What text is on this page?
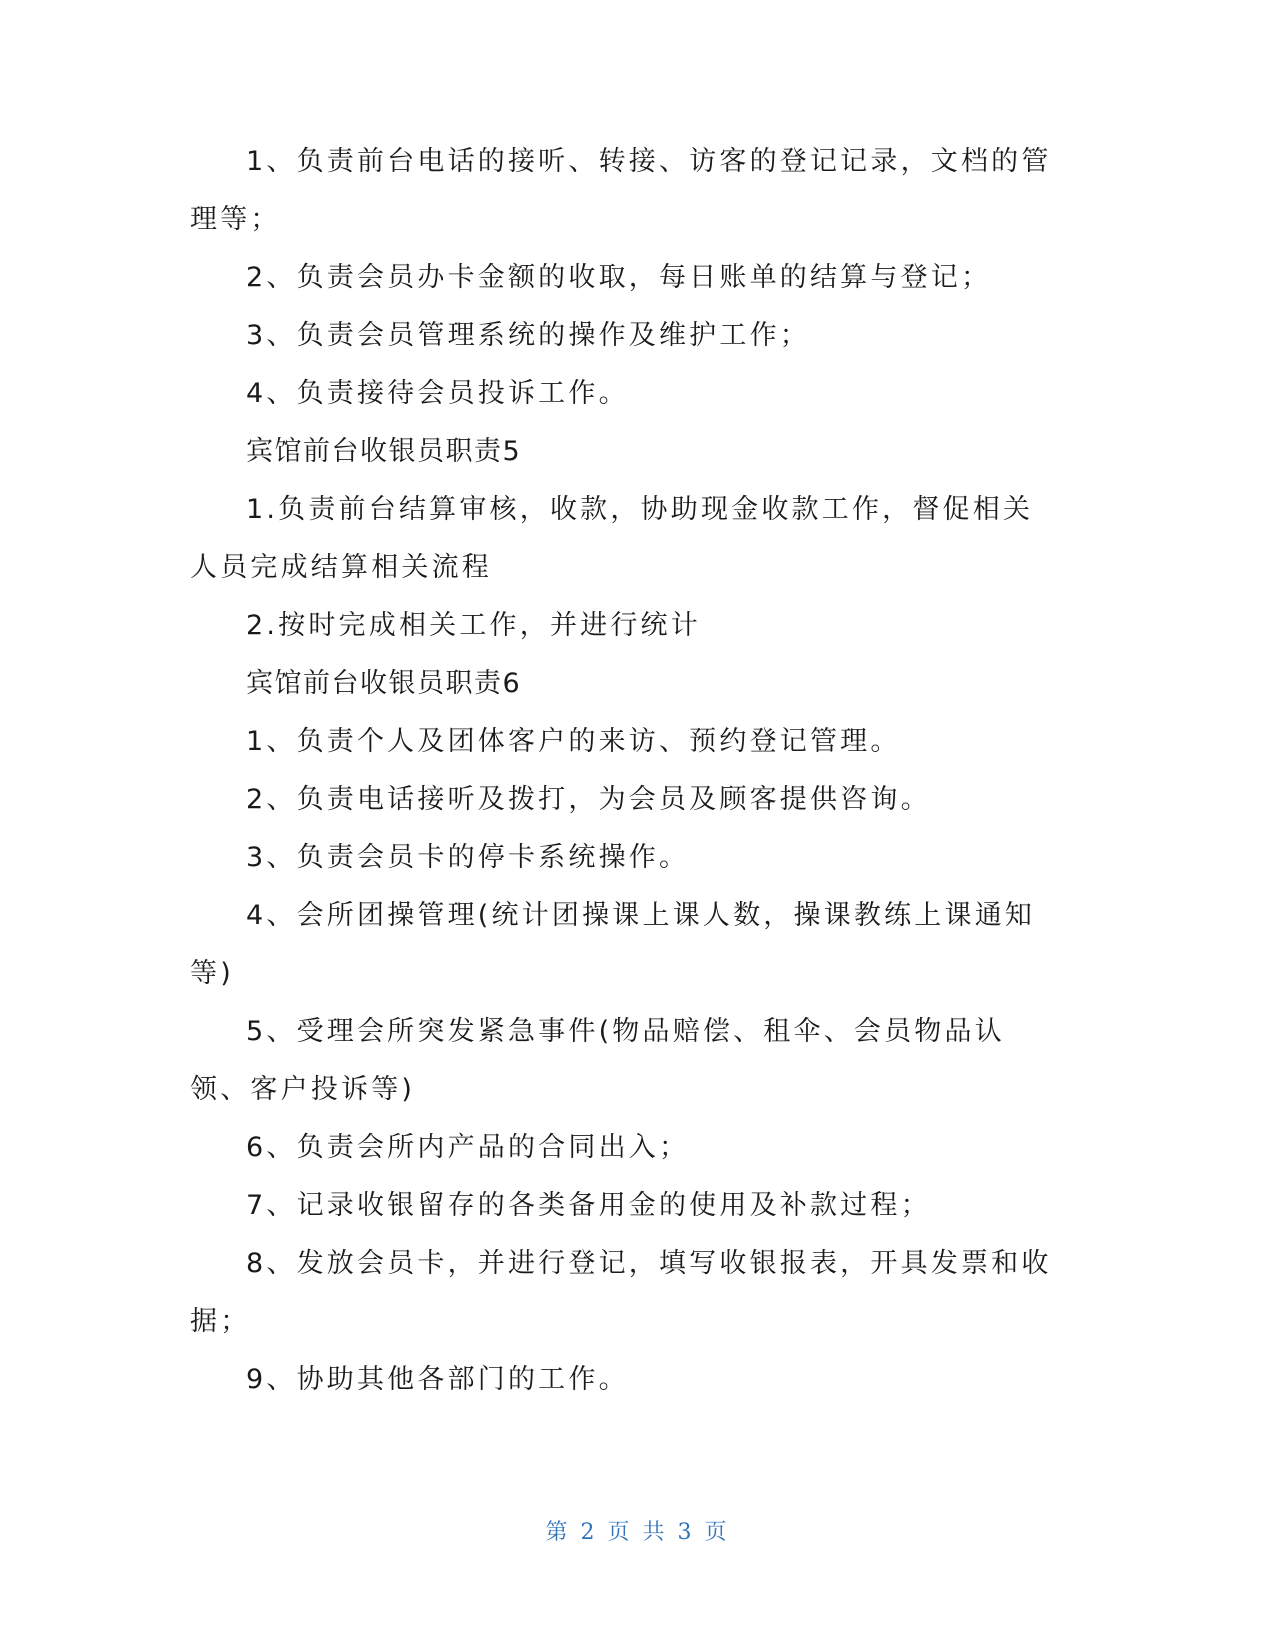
1、负责前台电话的接听、转接、访客的登记记录，文档的管理等；

2、负责会员办卡金额的收取，每日账单的结算与登记；

3、负责会员管理系统的操作及维护工作；

4、负责接待会员投诉工作。

宾馆前台收银员职责5

1.负责前台结算审核，收款，协助现金收款工作，督促相关人员完成结算相关流程

2.按时完成相关工作，并进行统计

宾馆前台收银员职责6

1、负责个人及团体客户的来访、预约登记管理。

2、负责电话接听及拨打，为会员及顾客提供咨询。

3、负责会员卡的停卡系统操作。

4、会所团操管理(统计团操课上课人数，操课教练上课通知等)

5、受理会所突发紧急事件(物品赔偿、租伞、会员物品认领、客户投诉等)

6、负责会所内产品的合同出入；

7、记录收银留存的各类备用金的使用及补款过程；

8、发放会员卡，并进行登记，填写收银报表，开具发票和收据；

9、协助其他各部门的工作。

第 2 页 共 3 页
